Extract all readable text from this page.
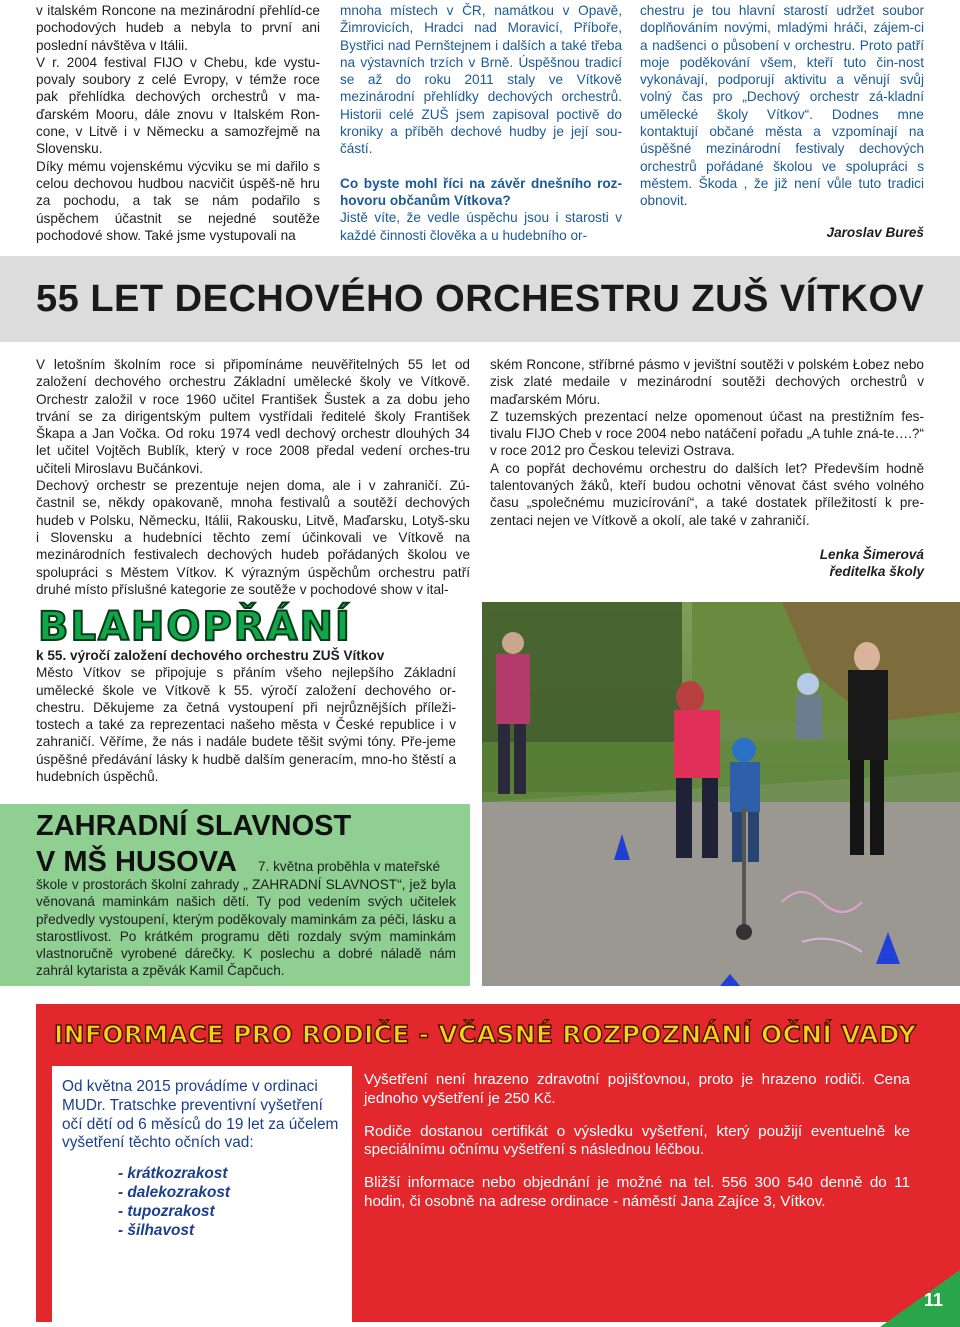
v italském Roncone na mezinárodní přehlíd-ce pochodových hudeb a nebyla to první ani poslední návštěva v Itálii.

V r. 2004 festival FIJO v Chebu, kde vystu-povaly soubory z celé Evropy, v témže roce pak přehlídka dechových orchestrů v ma-ďarském Mooru, dále znovu v Italském Ron-cone, v Litvě i v Německu a samozřejmě na Slovensku.

Díky mému vojenskému výcviku se mi dařilo s celou dechovou hudbou nacvičit úspěš-ně hru za pochodu, a tak se nám podařilo s úspěchem účastnit se nejedné soutěže pochodové show. Také jsme vystupovali na

mnoha místech v ČR, namátkou v Opavě, Žimrovicích, Hradci nad Moravicí, Příboře, Bystřici nad Pernštejnem i dalších a také třeba na výstavních trzích v Brně. Úspěšnou tradicí se až do roku 2011 staly ve Vítkově mezinárodní přehlídky dechových orchestrů. Historii celé ZUŠ jsem zapisoval poctivě do kroniky a příběh dechové hudby je její sou-částí.

Co byste mohl říci na závěr dnešního roz-hovoru občanům Vítkova?

Jistě víte, že vedle úspěchu jsou i starosti v každé činnosti člověka a u hudebního or-

chestru je tou hlavní starostí udržet soubor doplňováním novými, mladými hráči, zájem-ci a nadšenci o působení v orchestru. Proto patří moje poděkování všem, kteří tuto čin-nost vykonávají, podporují aktivitu a věnují svůj volný čas pro „Dechový orchestr zá-kladní umělecké školy Vítkov“. Dodnes mne kontaktují občané města a vzpomínají na úspěšné mezinárodní festivaly dechových orchestrů pořádané školou ve spolupráci s městem. Škoda , že již není vůle tuto tradici obnovit.

Jaroslav Bureš

55 LET DECHOVÉHO ORCHESTRU ZUŠ VÍTKOV

V letošním školním roce si připomínáme neuvěřitelných 55 let od založení dechového orchestru Základní umělecké školy ve Vítkově. Orchestr založil v roce 1960 učitel František Šustek a za dobu jeho trvání se za dirigentským pultem vystřídali ředitelé školy František Škapa a Jan Vočka. Od roku 1974 vedl dechový orchestr dlouhých 34 let učitel Vojtěch Bublík, který v roce 2008 předal vedení orches-tru učiteli Miroslavu Bučánkovi.

Dechový orchestr se prezentuje nejen doma, ale i v zahraničí. Zú-častnil se, někdy opakovaně, mnoha festivalů a soutěží dechových hudeb v Polsku, Německu, Itálii, Rakousku, Litvě, Maďarsku, Lotyš-sku i Slovensku a hudebníci těchto zemí účinkovali ve Vítkově na mezinárodních festivalech dechových hudeb pořádaných školou ve spolupráci s Městem Vítkov. K výrazným úspěchům orchestru patří druhé místo příslušné kategorie ze soutěže v pochodové show v ital-

ském Roncone, stříbrné pásmo v jevištní soutěži v polském Łobez nebo zisk zlaté medaile v mezinárodní soutěži dechových orchestrů v maďarském Móru.

Z tuzemských prezentací nelze opomenout účast na prestižním fes-tivalu FIJO Cheb v roce 2004 nebo natáčení pořadu „A tuhle zná-te….?“ v roce 2012 pro Českou televizi Ostrava.

A co popřát dechovému orchestru do dalších let? Především hodně talentovaných žáků, kteří budou ochotni věnovat část svého volného času „společnému muzicírování“, a také dostatek příležitostí k pre-zentaci nejen ve Vítkově a okolí, ale také v zahraničí.

Lenka Šimerová

ředitelka školy

BLAHOPŘÁNÍ

k 55. výročí založení dechového orchestru ZUŠ Vítkov

Město Vítkov se připojuje s přáním všeho nejlepšího Základní umělecké škole ve Vítkově k 55. výročí založení dechového or-chestru. Děkujeme za četná vystoupení při nejrůznějších příleži-tostech a také za reprezentaci našeho města v České republice i v zahraničí. Věříme, že nás i nadále budete těšit svými tóny. Pře-jeme úspěšné předávání lásky k hudbě dalším generacím, mno-ho štěstí a hudebních úspěchů.

ZAHRADNÍ SLAVNOST
V MŠ HUSOVA 7. května proběhla v mateřské
škole v prostorách školní zahrady „ ZAHRADNÍ SLAVNOST“, jež byla věnovaná maminkám našich dětí. Ty pod vedením svých učitelek předvedly vystoupení, kterým poděkovaly maminkám za péči, lásku a starostlivost. Po krátkém programu děti rozdaly svým maminkám vlastnoručně vyrobené dárečky. K poslechu a dobré náladě nám zahrál kytarista a zpěvák Kamil Čapčuch.
INFORMACE PRO RODIČE - VČASNÉ ROZPOZNÁNÍ OČNÍ VADY

Od května 2015 provádíme v ordinaci MUDr. Tratschke preventivní vyšetření očí dětí od 6 měsíců do 19 let za účelem vyšetření těchto očních vad:

- krátkozrakost
- dalekozrakost
- tupozrakost
- šilhavost

Vyšetření není hrazeno zdravotní pojišťovnou, proto je hrazeno rodiči. Cena jednoho vyšetření je 250 Kč.

Rodiče dostanou certifikát o výsledku vyšetření, který použijí eventuelně ke speciálnímu očnímu vyšetření s následnou léčbou.

Bližší informace nebo objednání je možné na tel. 556 300 540 denně do 11 hodin, či osobně na adrese ordinace - náměstí Jana Zajíce 3, Vítkov.

11
